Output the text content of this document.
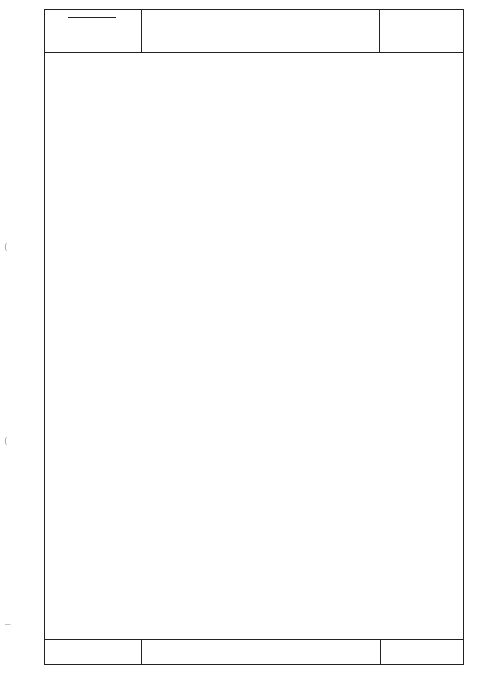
(
(
—
